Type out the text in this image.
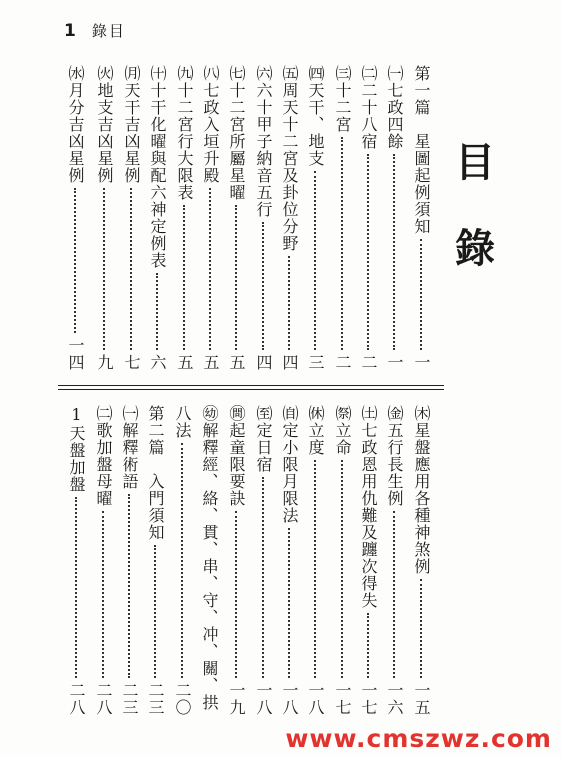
1 錄目
目
錄
第一篇　星圖起例須知
一
㈠七政四餘
一
㈡二十八宿
二
㈢十二宮
二
㈣天干、地支
三
㈤周天十二宮及卦位分野
四
㈥六十甲子納音五行
四
㈦十二宮所屬星曜
五
㈧七政入垣升殿
五
㈨十二宮行大限表
五
㈩十干化曜與配六神定例表
六
㈪天干吉凶星例
七
㈫地支吉凶星例
九
㈬月分吉凶星例
一四
㈭星盤應用各種神煞例
一五
㈮五行長生例
一六
㈯七政恩用仇難及躔次得失
一七
㉀立命
一七
㉁立度
一八
㉂定小限月限法
一八
㉃定日宿
一八
㉄起童限要訣
一九
㉅解釋經、絡、貫、串、守、冲、關、拱
八法
二〇
第二篇　入門須知
二三
㈠解釋術語
二三
㈡歌加盤母曜
二八
1天盤加盤
二八
www.cmszwz.com
